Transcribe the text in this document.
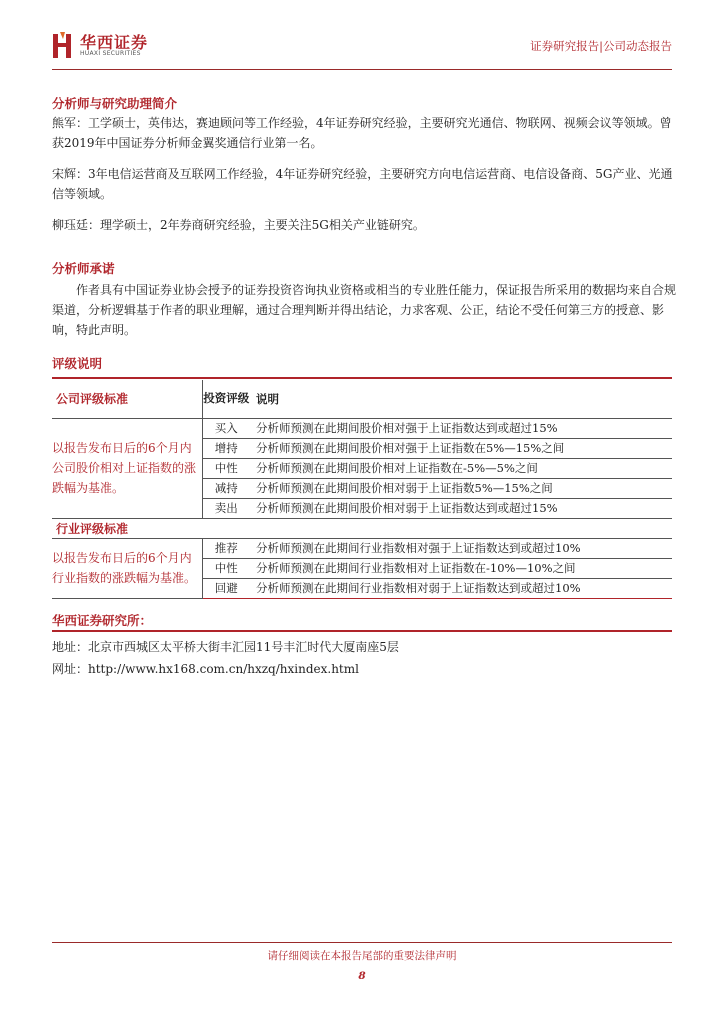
华西证券
HUAXI SECURITIES
证券研究报告|公司动态报告
分析师与研究助理简介

熊军：工学硕士，英伟达，赛迪顾问等工作经验，4年证券研究经验，主要研究光通信、物联网、视频会议等领域。曾获2019年中国证券分析师金翼奖通信行业第一名。

宋辉：3年电信运营商及互联网工作经验，4年证券研究经验，主要研究方向电信运营商、电信设备商、5G产业、光通信等领域。

柳珏廷：理学硕士，2年券商研究经验，主要关注5G相关产业链研究。

分析师承诺

作者具有中国证券业协会授予的证券投资咨询执业资格或相当的专业胜任能力，保证报告所采用的数据均来自合规渠道，分析逻辑基于作者的职业理解，通过合理判断并得出结论，力求客观、公正，结论不受任何第三方的授意、影响，特此声明。

评级说明
公司评级标准	投资评级	说明
以报告发布日后的6个月内公司股价相对上证指数的涨跌幅为基准。	买入	分析师预测在此期间股价相对强于上证指数达到或超过15%
	增持	分析师预测在此期间股价相对强于上证指数在5%—15%之间
	中性	分析师预测在此期间股价相对上证指数在-5%—5%之间
	减持	分析师预测在此期间股价相对弱于上证指数5%—15%之间
	卖出	分析师预测在此期间股价相对弱于上证指数达到或超过15%
行业评级标准		
以报告发布日后的6个月内行业指数的涨跌幅为基准。	推荐	分析师预测在此期间行业指数相对强于上证指数达到或超过10%
	中性	分析师预测在此期间行业指数相对上证指数在-10%—10%之间
	回避	分析师预测在此期间行业指数相对弱于上证指数达到或超过10%
华西证券研究所：
地址：北京市西城区太平桥大街丰汇园11号丰汇时代大厦南座5层
网址：http://www.hx168.com.cn/hxzq/hxindex.html
请仔细阅读在本报告尾部的重要法律声明
8
